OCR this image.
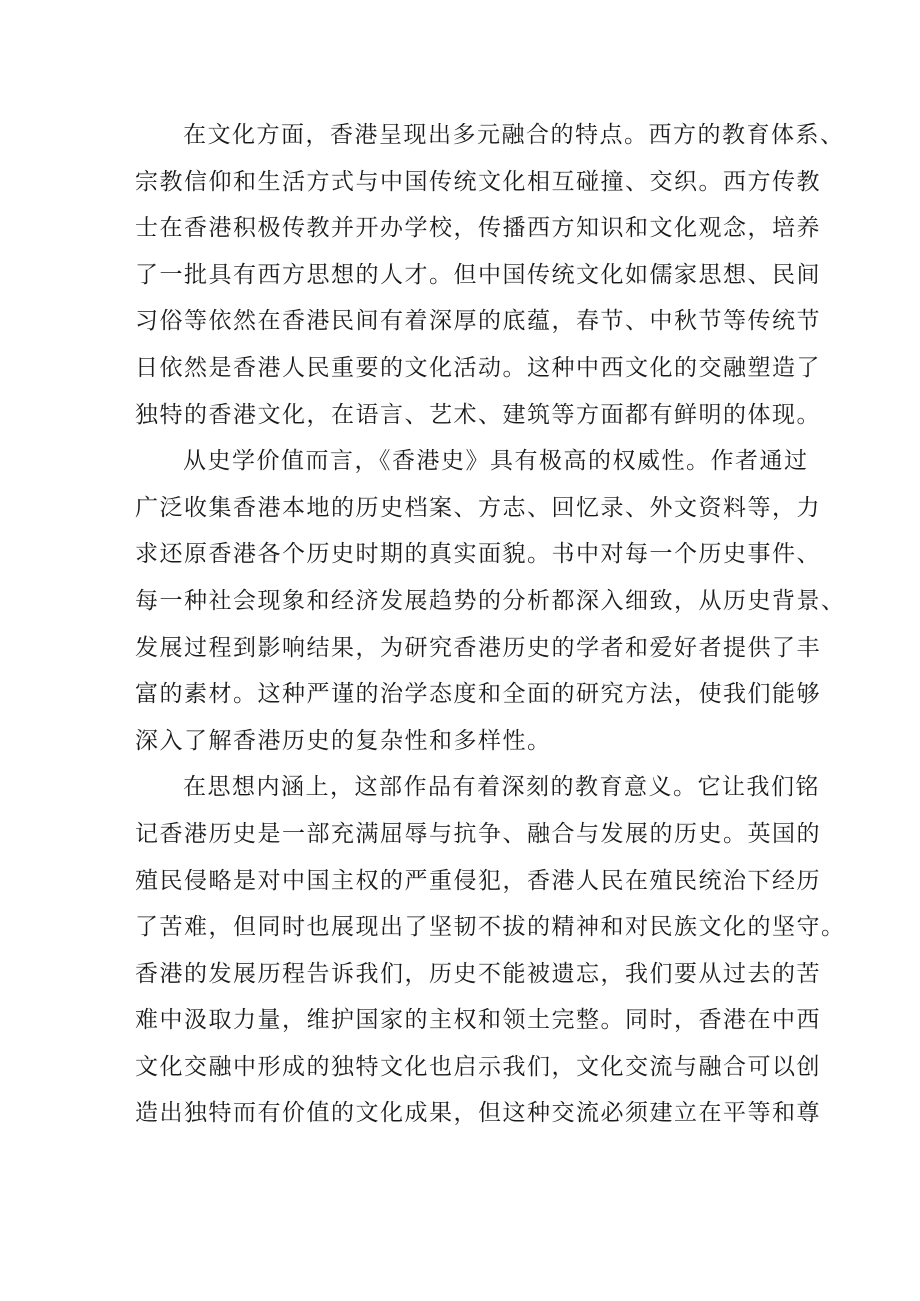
在文化方面，香港呈现出多元融合的特点。西方的教育体系、
宗教信仰和生活方式与中国传统文化相互碰撞、交织。西方传教
士在香港积极传教并开办学校，传播西方知识和文化观念，培养
了一批具有西方思想的人才。但中国传统文化如儒家思想、民间
习俗等依然在香港民间有着深厚的底蕴，春节、中秋节等传统节
日依然是香港人民重要的文化活动。这种中西文化的交融塑造了
独特的香港文化，在语言、艺术、建筑等方面都有鲜明的体现。
从史学价值而言，《香港史》具有极高的权威性。作者通过
广泛收集香港本地的历史档案、方志、回忆录、外文资料等，力
求还原香港各个历史时期的真实面貌。书中对每一个历史事件、
每一种社会现象和经济发展趋势的分析都深入细致，从历史背景、
发展过程到影响结果，为研究香港历史的学者和爱好者提供了丰
富的素材。这种严谨的治学态度和全面的研究方法，使我们能够
深入了解香港历史的复杂性和多样性。
在思想内涵上，这部作品有着深刻的教育意义。它让我们铭
记香港历史是一部充满屈辱与抗争、融合与发展的历史。英国的
殖民侵略是对中国主权的严重侵犯，香港人民在殖民统治下经历
了苦难，但同时也展现出了坚韧不拔的精神和对民族文化的坚守。
香港的发展历程告诉我们，历史不能被遗忘，我们要从过去的苦
难中汲取力量，维护国家的主权和领土完整。同时，香港在中西
文化交融中形成的独特文化也启示我们，文化交流与融合可以创
造出独特而有价值的文化成果，但这种交流必须建立在平等和尊
